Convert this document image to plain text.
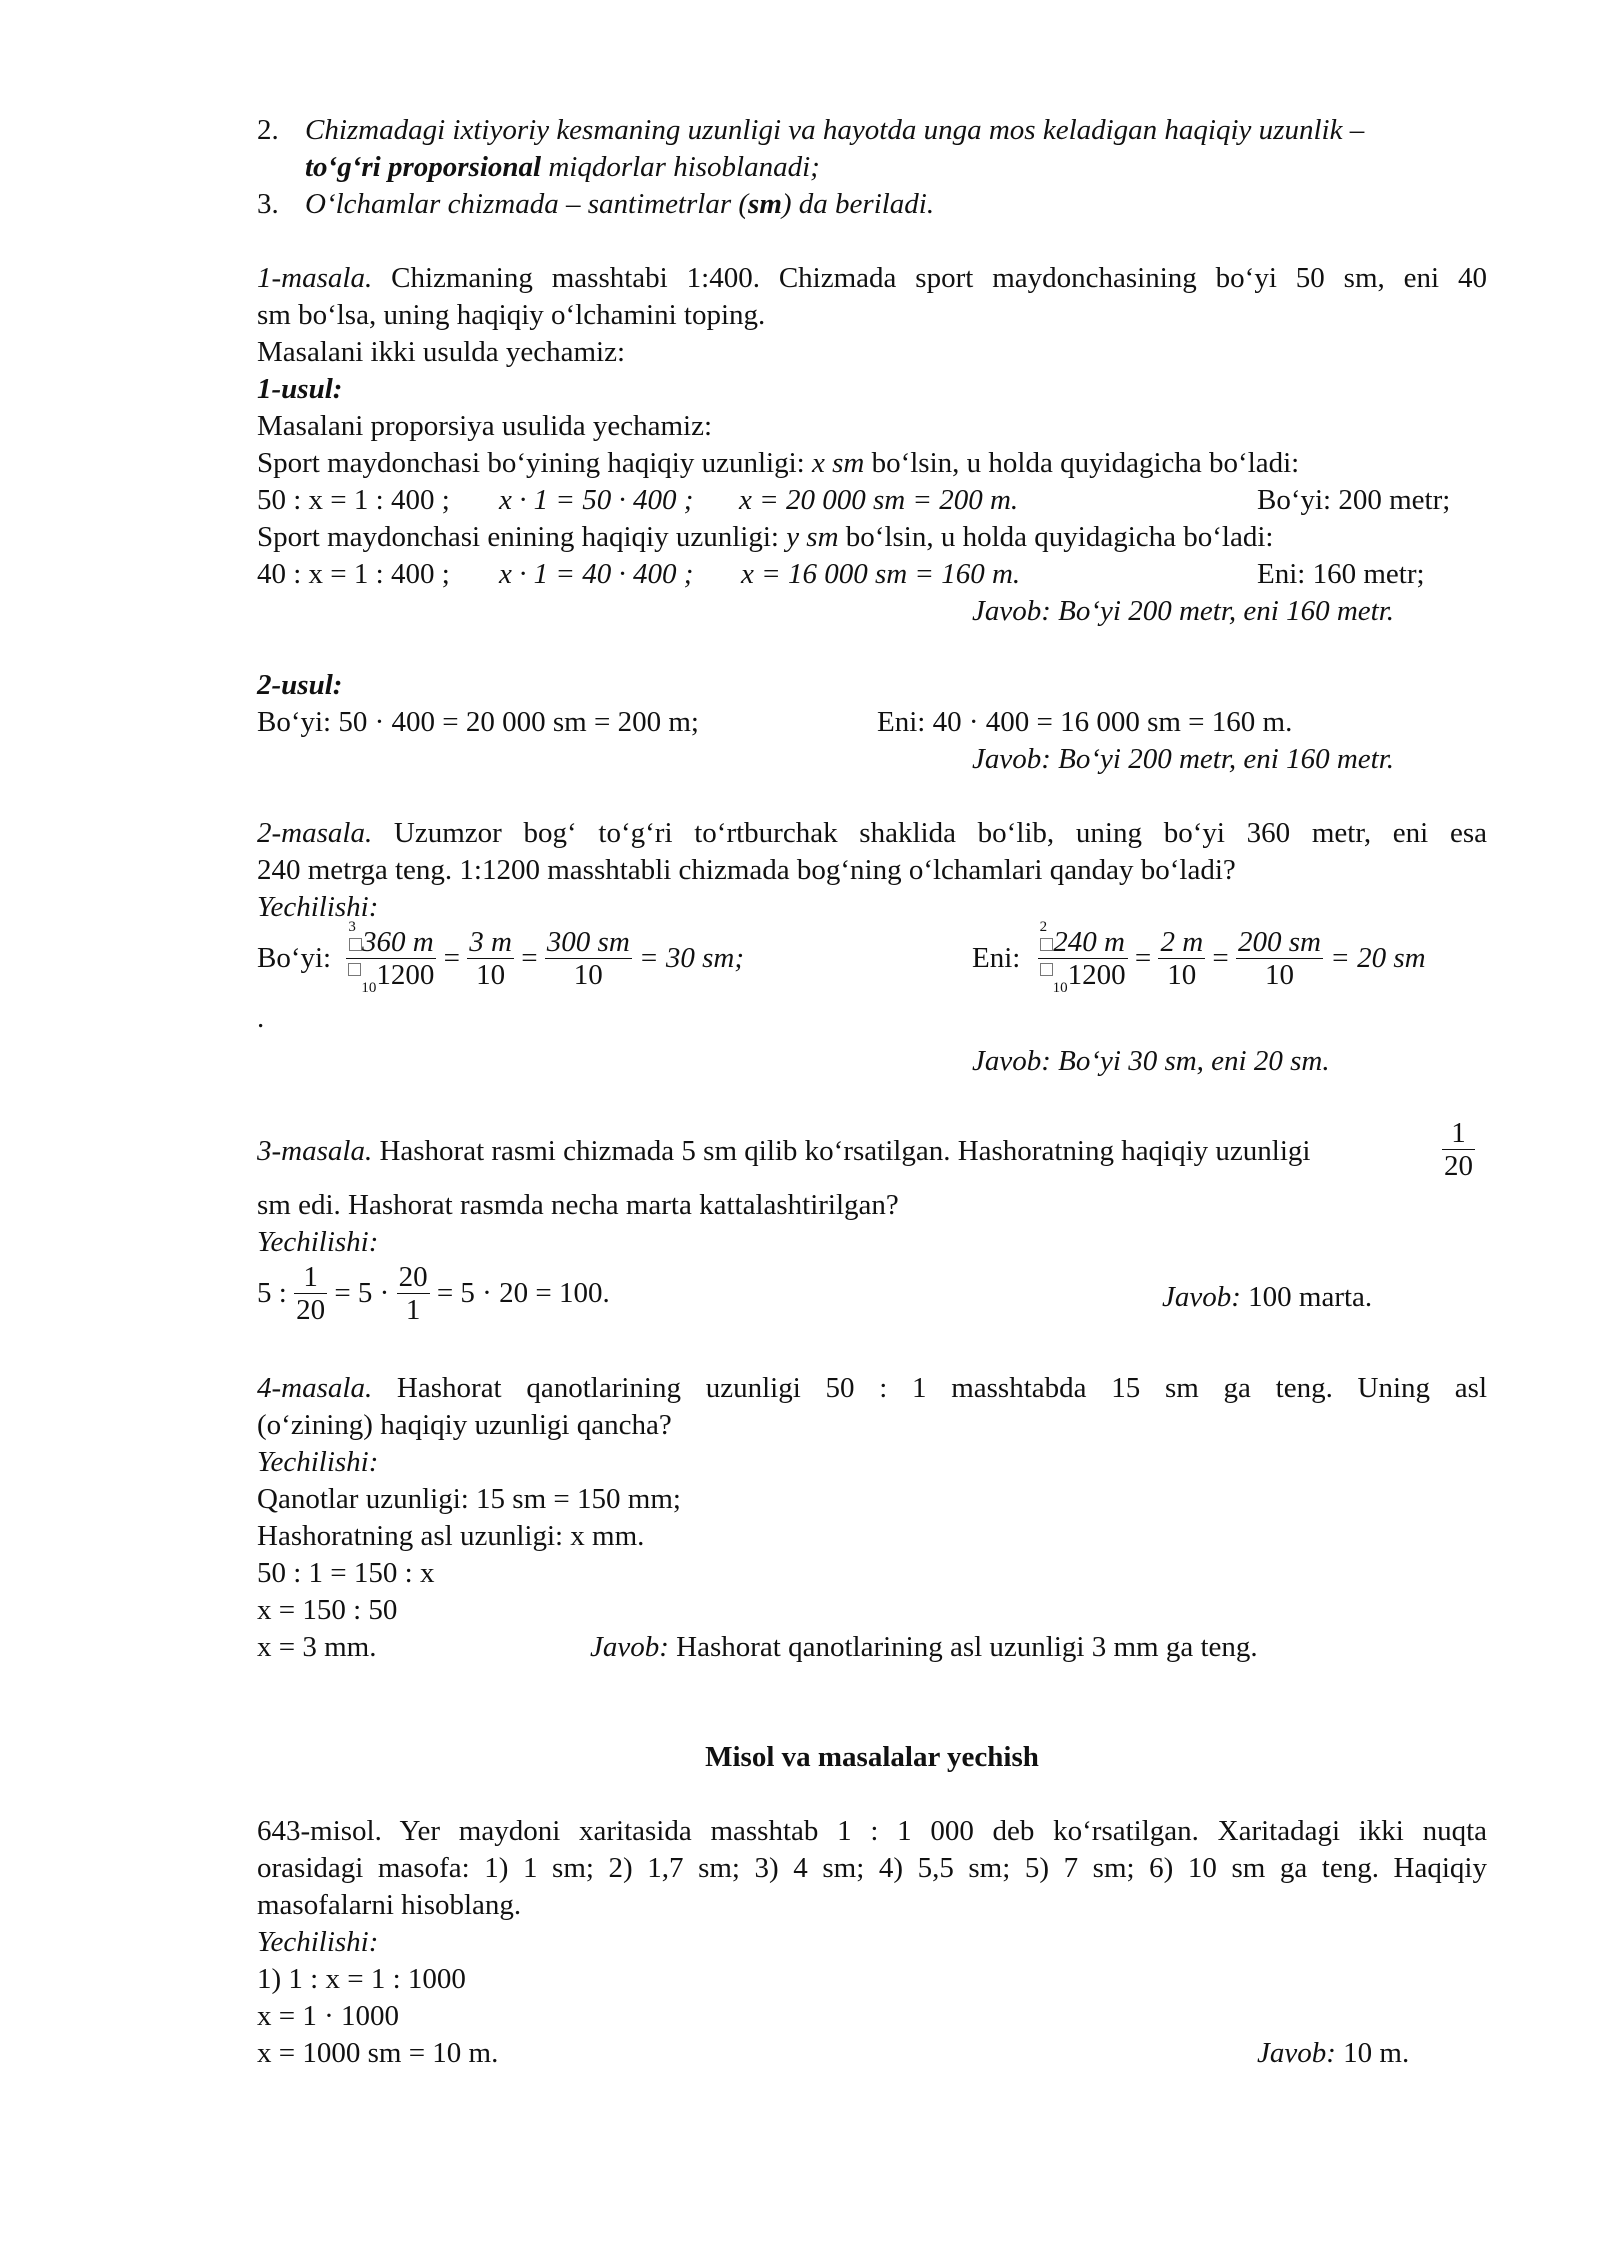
2. Chizmadagi ixtiyoriy kesmaning uzunligi va hayotda unga mos keladigan haqiqiy uzunlik –
to‘g‘ri proporsional miqdorlar hisoblanadi;
3. O‘lchamlar chizmada – santimetrlar (sm) da beriladi.
1-masala. Chizmaning masshtabi 1:400. Chizmada sport maydonchasining bo‘yi 50 sm, eni 40
sm bo‘lsa, uning haqiqiy o‘lchamini toping.
Masalani ikki usulda yechamiz:
1-usul:
Masalani proporsiya usulida yechamiz:
Sport maydonchasi bo‘yining haqiqiy uzunligi: x sm bo‘lsin, u holda quyidagicha bo‘ladi:
50 : x = 1 : 400 ; x · 1 = 50 · 400 ; x = 20 000 sm = 200 m.	Bo‘yi: 200 metr;
Sport maydonchasi enining haqiqiy uzunligi: y sm bo‘lsin, u holda quyidagicha bo‘ladi:
40 : x = 1 : 400 ; x · 1 = 40 · 400 ; x = 16 000 sm = 160 m.	Eni: 160 metr;
Javob: Bo‘yi 200 metr, eni 160 metr.
2-usul:
Bo‘yi: 50 · 400 = 20 000 sm = 200 m;	Eni: 40 · 400 = 16 000 sm = 160 m.
Javob: Bo‘yi 200 metr, eni 160 metr.
2-masala. Uzumzor bog‘ to‘g‘ri to‘rtburchak shaklida bo‘lib, uning bo‘yi 360 metr, eni esa
240 metrga teng. 1:1200 masshtabli chizmada bog‘ning o‘lchamlari qanday bo‘ladi?
Yechilishi:
Bo‘yi:
3 360 m
$_{10}$1200
= $\frac{3 m}{10} = \frac{300 sm}{10} = 30$ sm;	Eni:
2 240 m
$_{10}$1200
= $\frac{2 m}{10} = \frac{200 sm}{10} = 20$ sm
.
Javob: Bo‘yi 30 sm, eni 20 sm.
3-masala. Hashorat rasmi chizmada 5 sm qilib ko‘rsatilgan. Hashoratning haqiqiy uzunligi	$\frac{1}{20}$
sm edi. Hashorat rasmda necha marta kattalashtirilgan?
Yechilishi:
5 : $\frac{1}{20} = 5 \cdot \frac{20}{1} = 5 \cdot 20 = 100$.	Javob: 100 marta.
4-masala. Hashorat qanotlarining uzunligi 50 : 1 masshtabda 15 sm ga teng. Uning asl
(o‘zining) haqiqiy uzunligi qancha?
Yechilishi:
Qanotlar uzunligi: 15 sm = 150 mm;
Hashoratning asl uzunligi: x mm.
50 : 1 = 150 : x
x = 150 : 50
x = 3 mm.	Javob: Hashorat qanotlarining asl uzunligi 3 mm ga teng.
Misol va masalalar yechish
643-misol. Yer maydoni xaritasida masshtab 1 : 1 000 deb ko‘rsatilgan. Xaritadagi ikki nuqta
orasidagi masofa: 1) 1 sm; 2) 1,7 sm; 3) 4 sm; 4) 5,5 sm; 5) 7 sm; 6) 10 sm ga teng. Haqiqiy
masofalarni hisoblang.
Yechilishi:
1) 1 : x = 1 : 1000
x = 1 · 1000
x = 1000 sm = 10 m.	Javob: 10 m.
